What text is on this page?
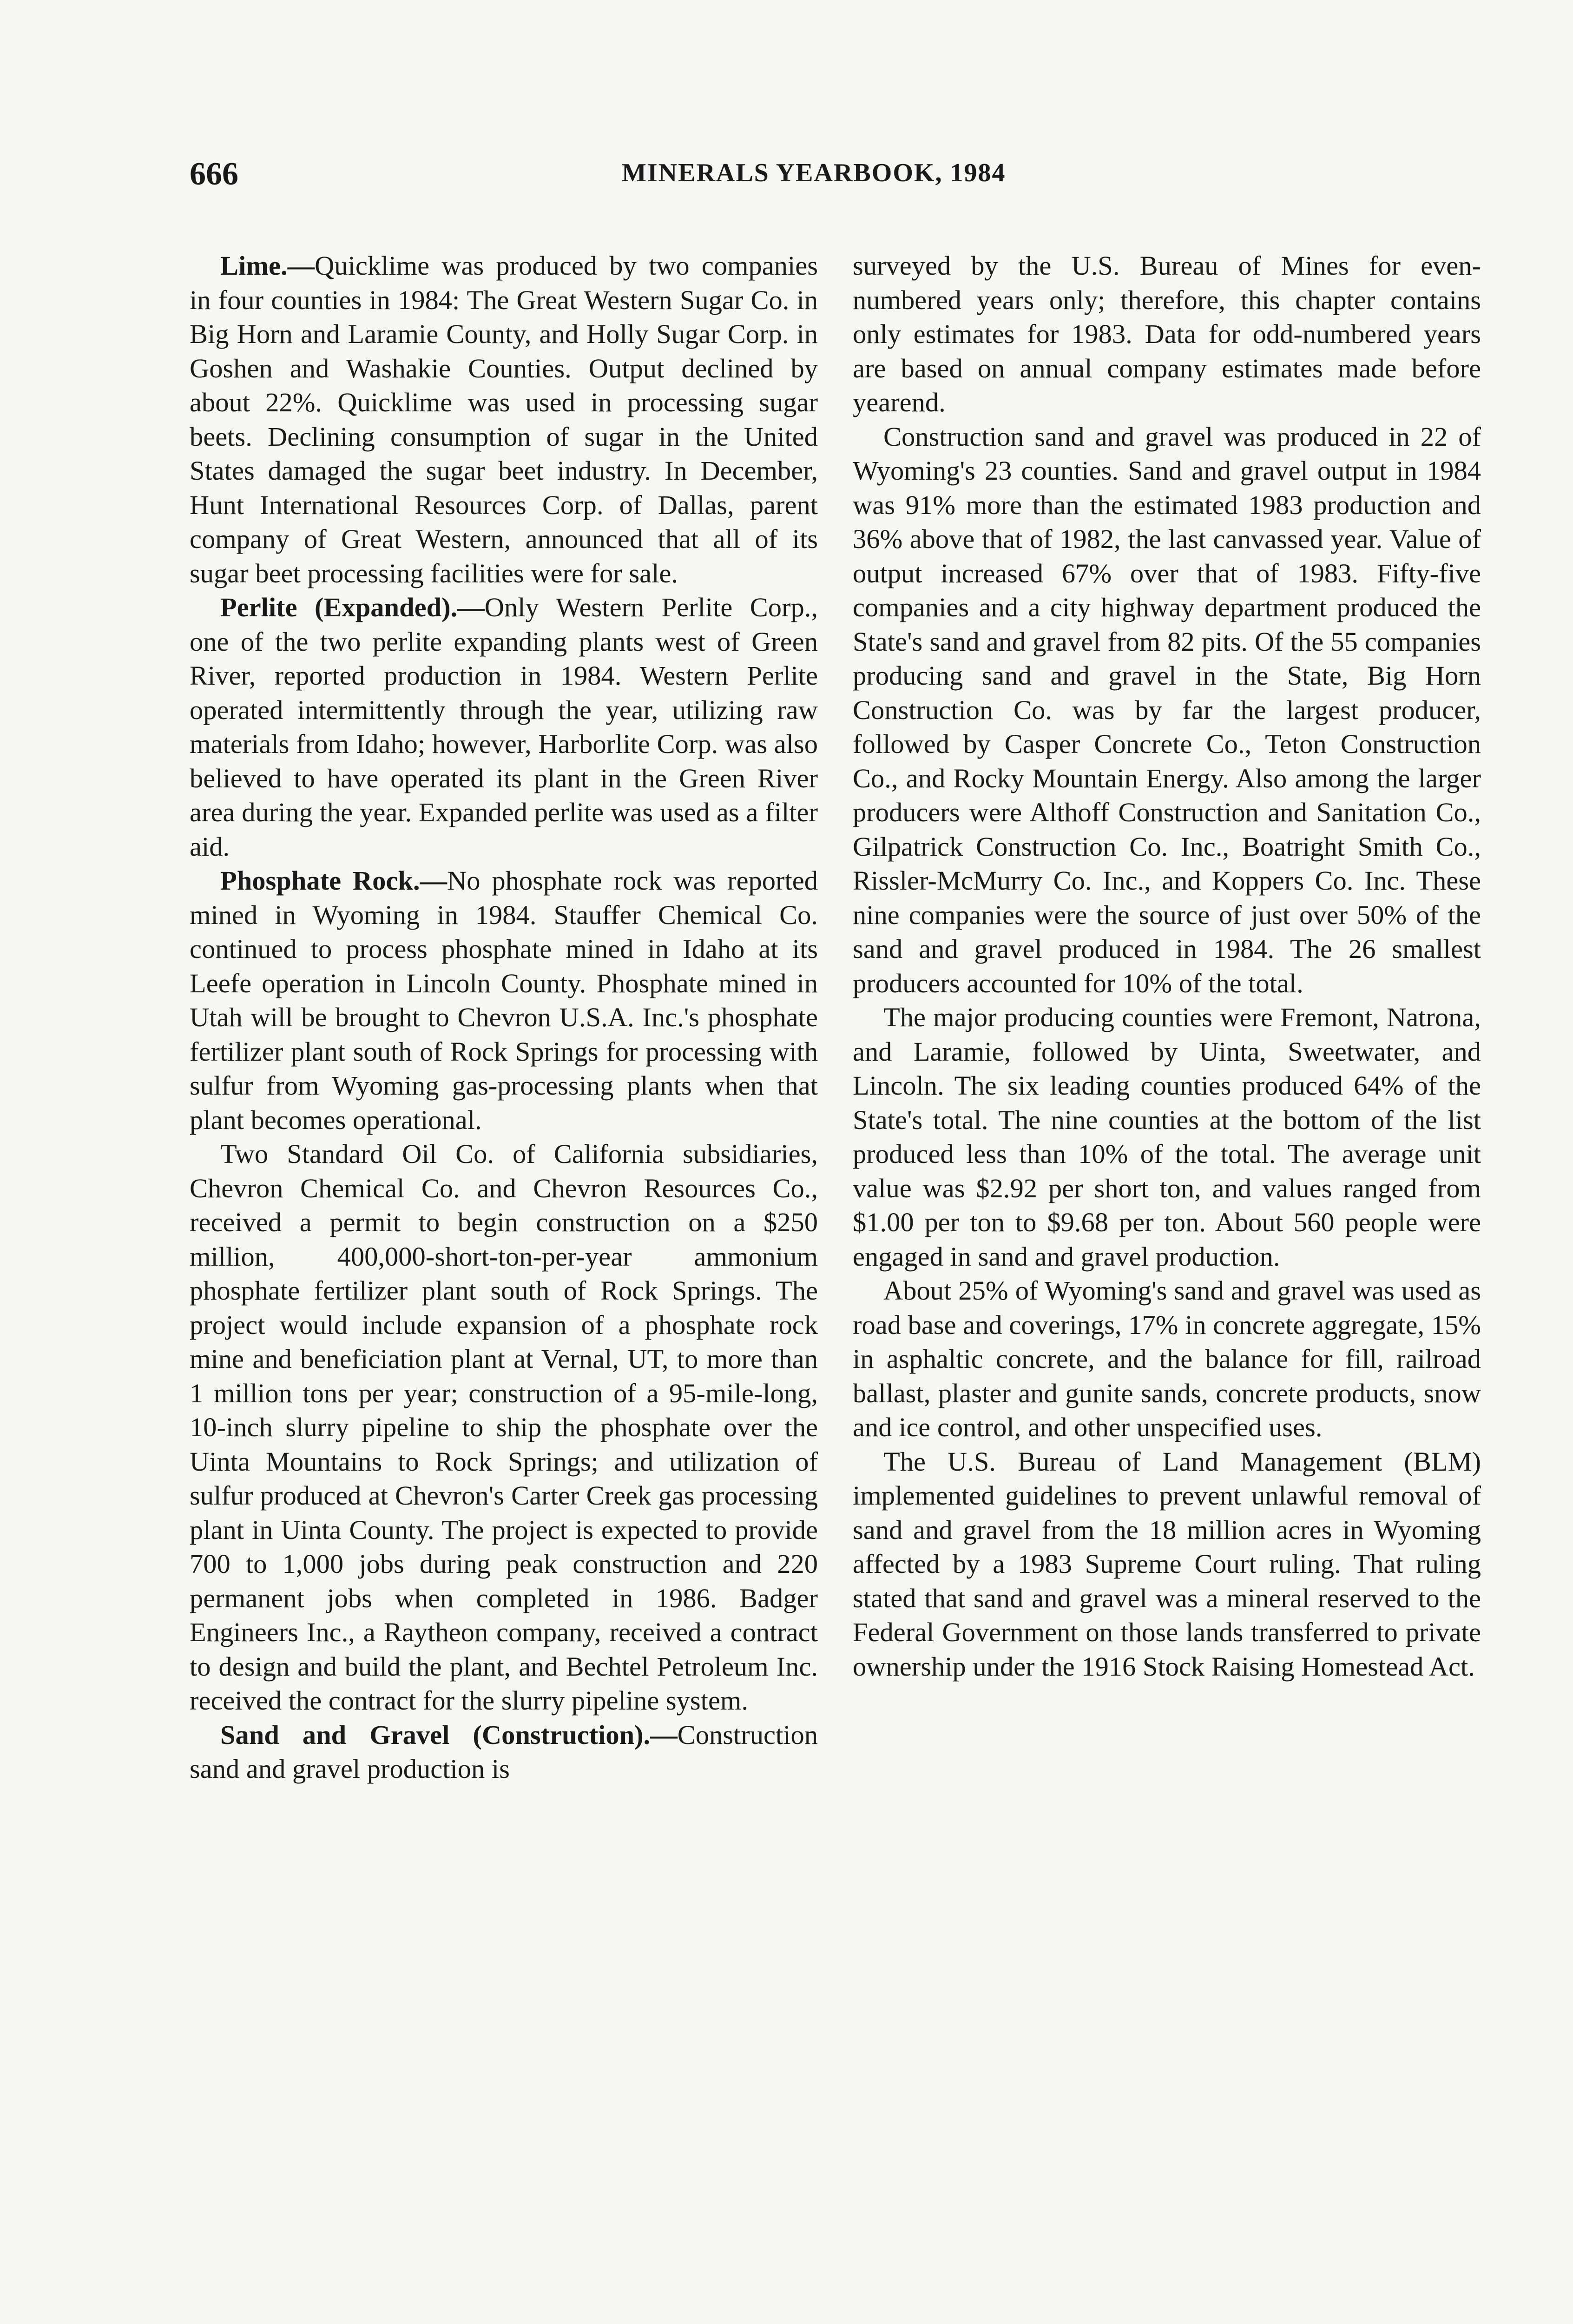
666	MINERALS YEARBOOK, 1984

Lime.—Quicklime was produced by two companies in four counties in 1984: The Great Western Sugar Co. in Big Horn and Laramie County, and Holly Sugar Corp. in Goshen and Washakie Counties. Output declined by about 22%. Quicklime was used in processing sugar beets. Declining consumption of sugar in the United States damaged the sugar beet industry. In December, Hunt International Resources Corp. of Dallas, parent company of Great Western, announced that all of its sugar beet processing facilities were for sale.

Perlite (Expanded).—Only Western Perlite Corp., one of the two perlite expanding plants west of Green River, reported production in 1984. Western Perlite operated intermittently through the year, utilizing raw materials from Idaho; however, Harborlite Corp. was also believed to have operated its plant in the Green River area during the year. Expanded perlite was used as a filter aid.

Phosphate Rock.—No phosphate rock was reported mined in Wyoming in 1984. Stauffer Chemical Co. continued to process phosphate mined in Idaho at its Leefe operation in Lincoln County. Phosphate mined in Utah will be brought to Chevron U.S.A. Inc.'s phosphate fertilizer plant south of Rock Springs for processing with sulfur from Wyoming gas-processing plants when that plant becomes operational.

Two Standard Oil Co. of California subsidiaries, Chevron Chemical Co. and Chevron Resources Co., received a permit to begin construction on a $250 million, 400,000-short-ton-per-year ammonium phosphate fertilizer plant south of Rock Springs. The project would include expansion of a phosphate rock mine and beneficiation plant at Vernal, UT, to more than 1 million tons per year; construction of a 95-mile-long, 10-inch slurry pipeline to ship the phosphate over the Uinta Mountains to Rock Springs; and utilization of sulfur produced at Chevron's Carter Creek gas processing plant in Uinta County. The project is expected to provide 700 to 1,000 jobs during peak construction and 220 permanent jobs when completed in 1986. Badger Engineers Inc., a Raytheon company, received a contract to design and build the plant, and Bechtel Petroleum Inc. received the contract for the slurry pipeline system.

Sand and Gravel (Construction).—Construction sand and gravel production is

surveyed by the U.S. Bureau of Mines for even-numbered years only; therefore, this chapter contains only estimates for 1983. Data for odd-numbered years are based on annual company estimates made before yearend.

Construction sand and gravel was produced in 22 of Wyoming's 23 counties. Sand and gravel output in 1984 was 91% more than the estimated 1983 production and 36% above that of 1982, the last canvassed year. Value of output increased 67% over that of 1983. Fifty-five companies and a city highway department produced the State's sand and gravel from 82 pits. Of the 55 companies producing sand and gravel in the State, Big Horn Construction Co. was by far the largest producer, followed by Casper Concrete Co., Teton Construction Co., and Rocky Mountain Energy. Also among the larger producers were Althoff Construction and Sanitation Co., Gilpatrick Construction Co. Inc., Boatright Smith Co., Rissler-McMurry Co. Inc., and Koppers Co. Inc. These nine companies were the source of just over 50% of the sand and gravel produced in 1984. The 26 smallest producers accounted for 10% of the total.

The major producing counties were Fremont, Natrona, and Laramie, followed by Uinta, Sweetwater, and Lincoln. The six leading counties produced 64% of the State's total. The nine counties at the bottom of the list produced less than 10% of the total. The average unit value was $2.92 per short ton, and values ranged from $1.00 per ton to $9.68 per ton. About 560 people were engaged in sand and gravel production.

About 25% of Wyoming's sand and gravel was used as road base and coverings, 17% in concrete aggregate, 15% in asphaltic concrete, and the balance for fill, railroad ballast, plaster and gunite sands, concrete products, snow and ice control, and other unspecified uses.

The U.S. Bureau of Land Management (BLM) implemented guidelines to prevent unlawful removal of sand and gravel from the 18 million acres in Wyoming affected by a 1983 Supreme Court ruling. That ruling stated that sand and gravel was a mineral reserved to the Federal Government on those lands transferred to private ownership under the 1916 Stock Raising Homestead Act.
